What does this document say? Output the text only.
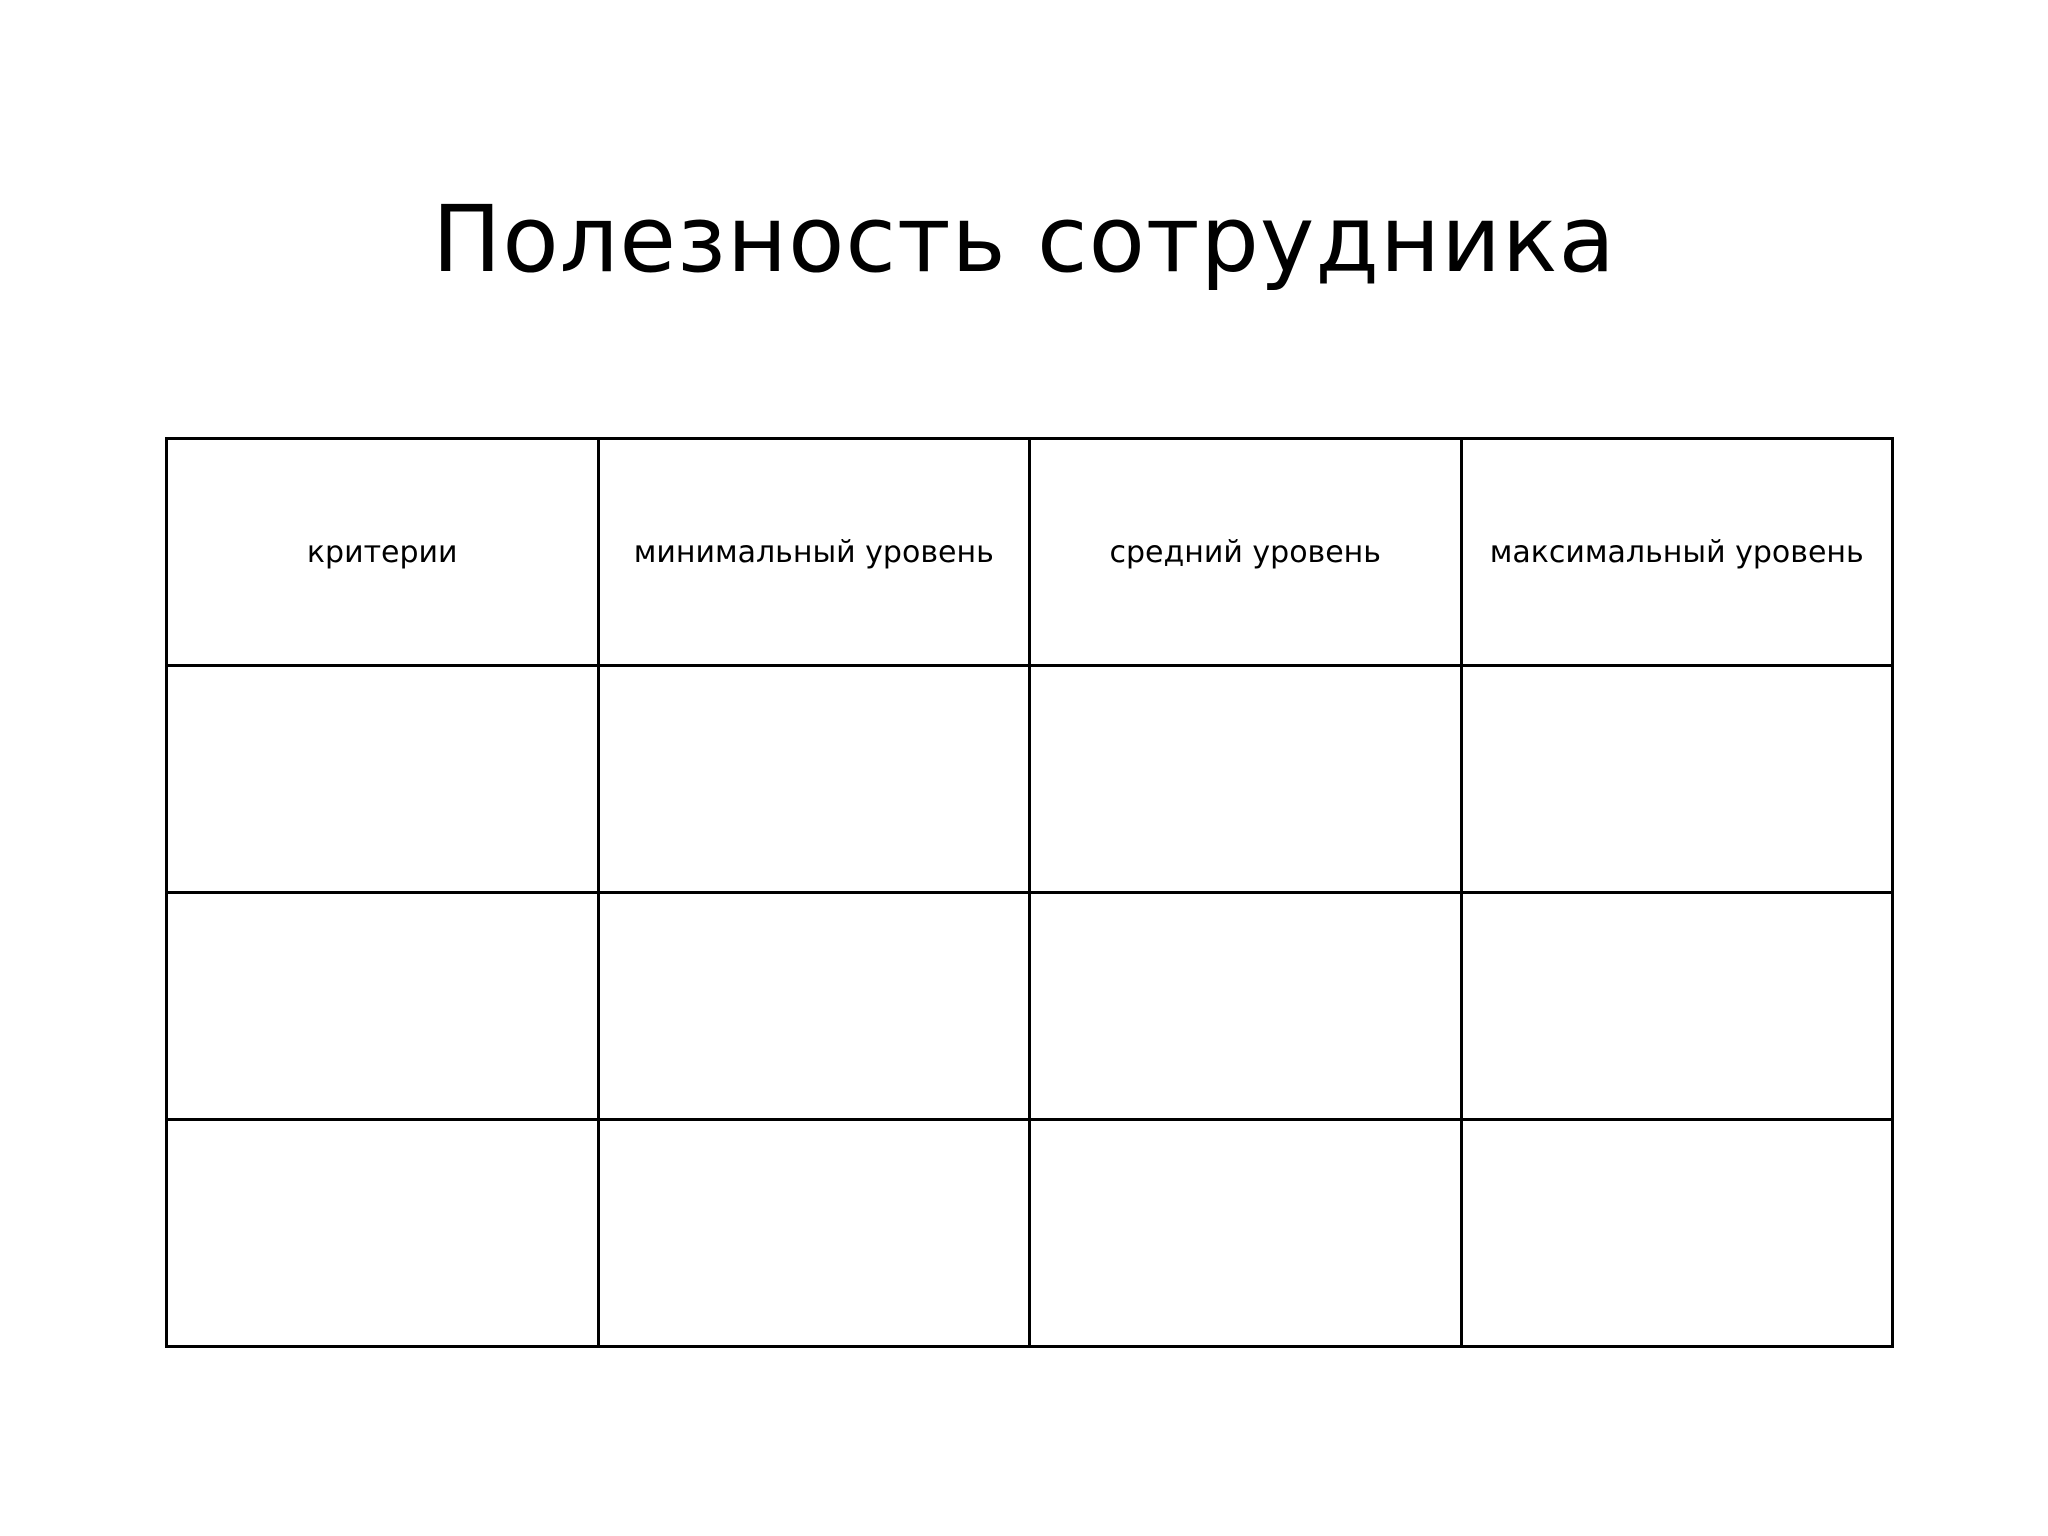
Полезность сотрудника
критерии	минимальный уровень	средний уровень	максимальный уровень
